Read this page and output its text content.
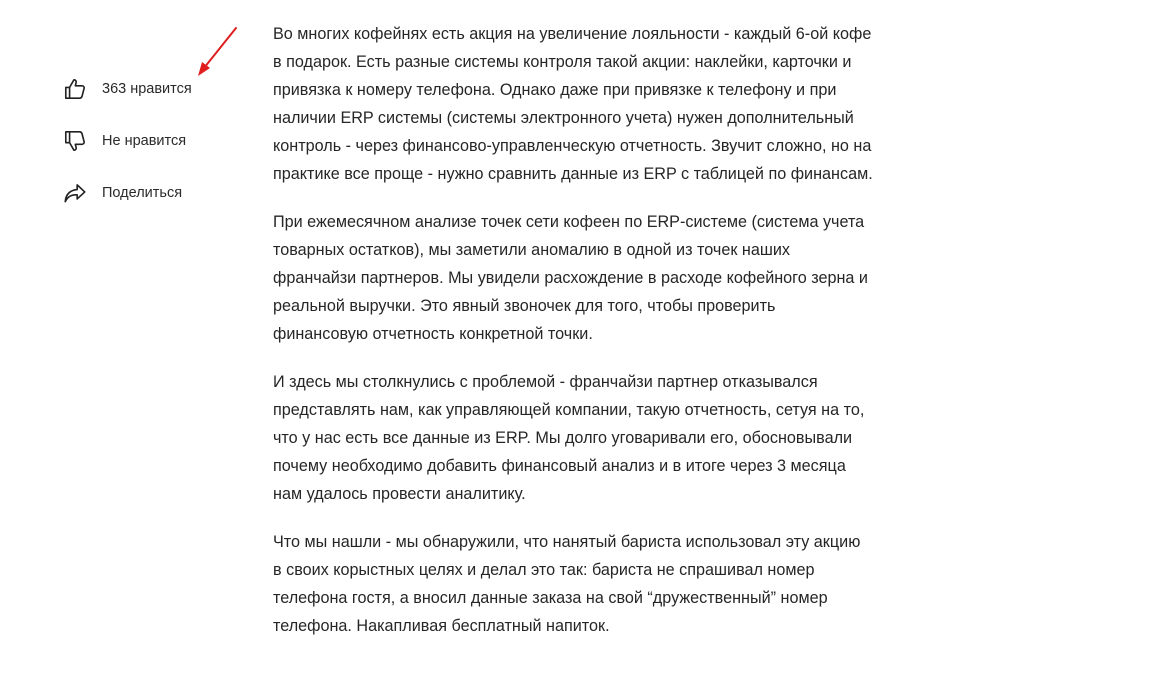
363 нравится
Не нравится
Поделиться

Во многих кофейнях есть акция на увеличение лояльности - каждый 6-ой кофе в подарок. Есть разные системы контроля такой акции: наклейки, карточки и привязка к номеру телефона. Однако даже при привязке к телефону и при наличии ERP системы (системы электронного учета) нужен дополнительный контроль - через финансово-управленческую отчетность. Звучит сложно, но на практике все проще - нужно сравнить данные из ERP с таблицей по финансам.

При ежемесячном анализе точек сети кофеен по ERP-системе (система учета товарных остатков), мы заметили аномалию в одной из точек наших франчайзи партнеров. Мы увидели расхождение в расходе кофейного зерна и реальной выручки. Это явный звоночек для того, чтобы проверить финансовую отчетность конкретной точки.

И здесь мы столкнулись с проблемой - франчайзи партнер отказывался представлять нам, как управляющей компании, такую отчетность, сетуя на то, что у нас есть все данные из ERP. Мы долго уговаривали его, обосновывали почему необходимо добавить финансовый анализ и в итоге через 3 месяца нам удалось провести аналитику.

Что мы нашли - мы обнаружили, что нанятый бариста использовал эту акцию в своих корыстных целях и делал это так: бариста не спрашивал номер телефона гостя, а вносил данные заказа на свой “дружественный” номер телефона. Накапливая бесплатный напиток.
